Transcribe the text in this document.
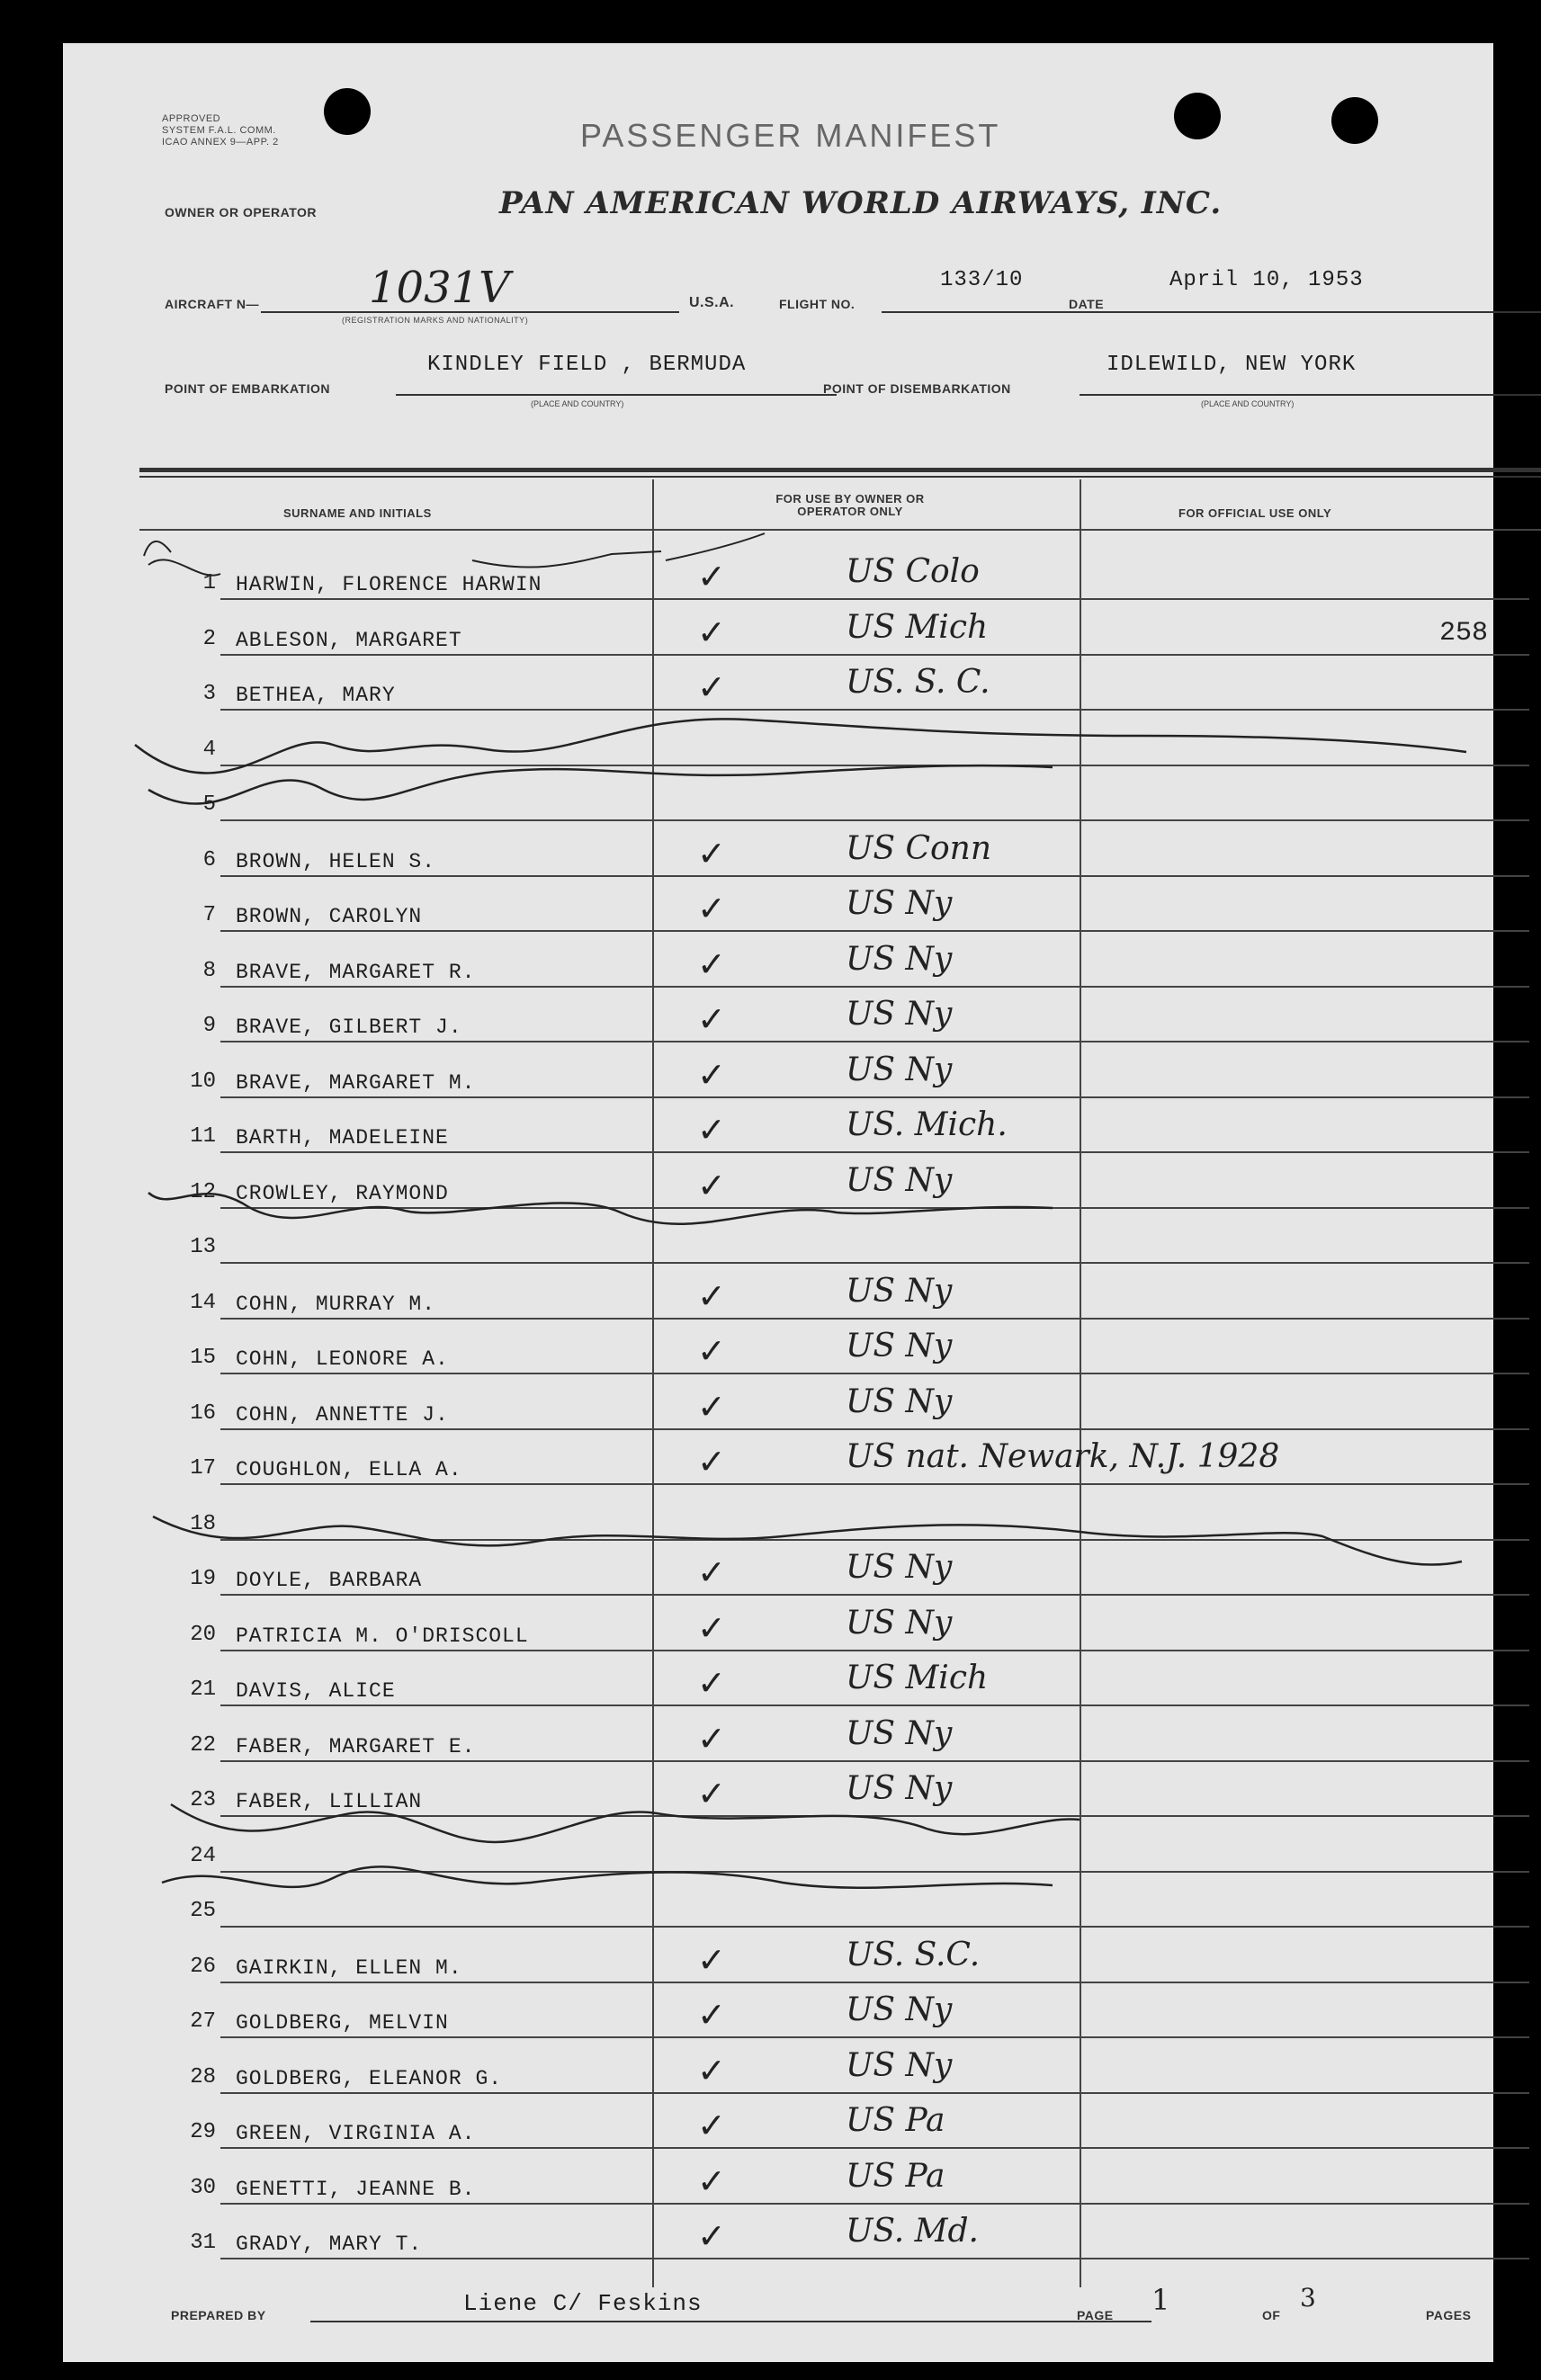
APPROVED
SYSTEM F.A.L. COMM.
ICAO ANNEX 9—APP. 2	PASSENGER MANIFEST
OWNER OR OPERATOR	PAN AMERICAN WORLD AIRWAYS, INC.
AIRCRAFT N—	1031V
(REGISTRATION MARKS AND NATIONALITY)
U.S.A.	FLIGHT NO.
133/10
DATE
April 10, 1953
POINT OF EMBARKATION
KINDLEY FIELD , BERMUDA
(PLACE AND COUNTRY)
POINT OF DISEMBARKATION
IDLEWILD, NEW YORK
(PLACE AND COUNTRY)
SURNAME AND INITIALS
FOR USE BY OWNER OR OPERATOR ONLY	FOR OFFICIAL USE ONLY
1 HARWIN, FLORENCE HARWIN	✓	US Colo
2 ABLESON, MARGARET	✓	US Mich	258
3 BETHEA, MARY	✓	US. S. C.
4
5
6 BROWN, HELEN S.	✓	US Conn
7 BROWN, CAROLYN	✓	US Ny
8 BRAVE, MARGARET R.	✓	US Ny
9 BRAVE, GILBERT J.	✓	US Ny
10 BRAVE, MARGARET M.	✓	US Ny
11 BARTH, MADELEINE	✓	US. Mich.
12 CROWLEY, RAYMOND	✓	US Ny
13
14 COHN, MURRAY M.	✓	US Ny
15 COHN, LEONORE A.	✓	US Ny
16 COHN, ANNETTE J.	✓	US Ny
17 COUGHLON, ELLA A.	✓	US nat. Newark, N.J. 1928
18
19 DOYLE, BARBARA	✓	US Ny
20 PATRICIA M. O'DRISCOLL	✓	US Ny
21 DAVIS, ALICE	✓	US Mich
22 FABER, MARGARET E.	✓	US Ny
23 FABER, LILLIAN	✓	US Ny
24
25
26 GAIRKIN, ELLEN M.	✓	US. S.C.
27 GOLDBERG, MELVIN	✓	US Ny
28 GOLDBERG, ELEANOR G.	✓	US Ny
29 GREEN, VIRGINIA A.	✓	US Pa
30 GENETTI, JEANNE B.	✓	US Pa
31 GRADY, MARY T.	✓	US. Md.
PREPARED BY	Liene C/ Feskins	PAGE 1	OF
3
PAGES
